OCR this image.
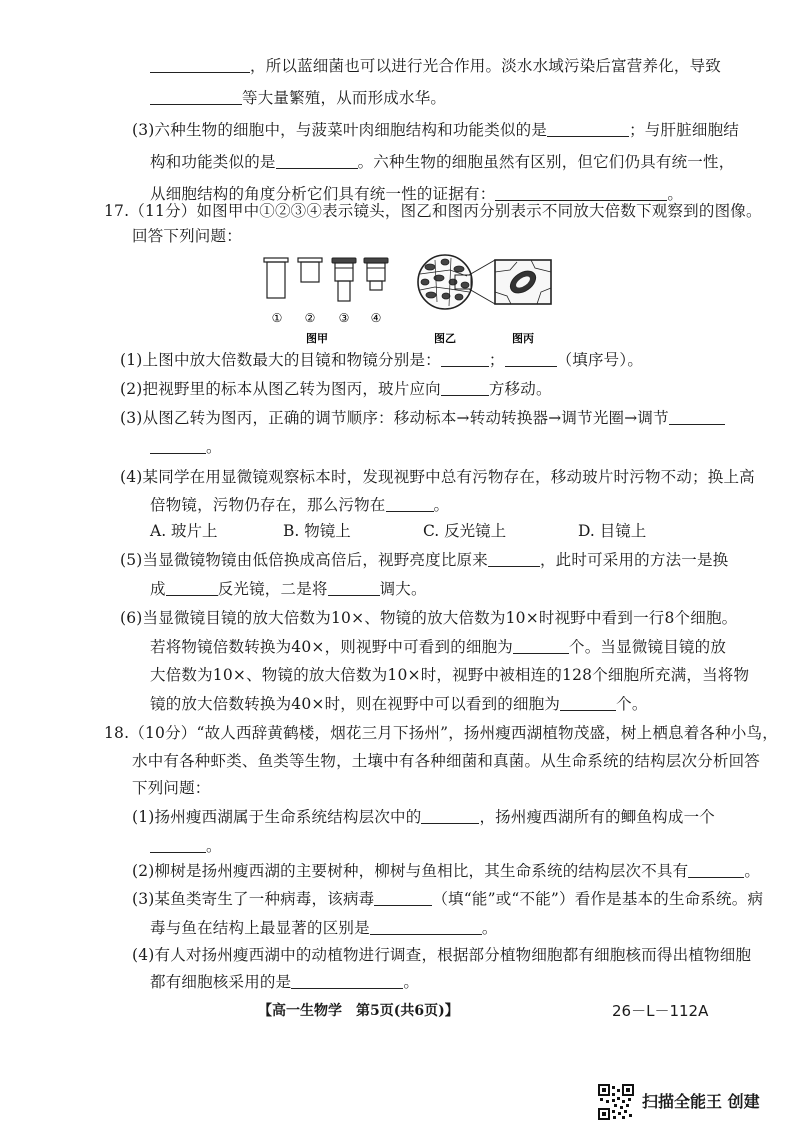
，所以蓝细菌也可以进行光合作用。淡水水域污染后富营养化，导致
等大量繁殖，从而形成水华。
(3)六种生物的细胞中，与菠菜叶肉细胞结构和功能类似的是	；与肝脏细胞结
构和功能类似的是	。六种生物的细胞虽然有区别，但它们仍具有统一性，
从细胞结构的角度分析它们具有统一性的证据有：	。
17.（11分）如图甲中①②③④表示镜头，图乙和图丙分别表示不同放大倍数下观察到的图像。
回答下列问题：
① ② ③ ④
图甲	图乙	图丙
(1)上图中放大倍数最大的目镜和物镜分别是：	；	（填序号）。
(2)把视野里的标本从图乙转为图丙，玻片应向	方移动。
(3)从图乙转为图丙，正确的调节顺序：移动标本→转动转换器→调节光圈→调节
。
(4)某同学在用显微镜观察标本时，发现视野中总有污物存在，移动玻片时污物不动；换上高
倍物镜，污物仍存在，那么污物在	。
A. 玻片上	B. 物镜上	C. 反光镜上	D. 目镜上
(5)当显微镜物镜由低倍换成高倍后，视野亮度比原来	，此时可采用的方法一是换
成	反光镜，二是将	调大。
(6)当显微镜目镜的放大倍数为10×、物镜的放大倍数为10×时视野中看到一行8个细胞。
若将物镜倍数转换为40×，则视野中可看到的细胞为	个。当显微镜目镜的放
大倍数为10×、物镜的放大倍数为10×时，视野中被相连的128个细胞所充满，当将物
镜的放大倍数转换为40×时，则在视野中可以看到的细胞为	个。
18.（10分）“故人西辞黄鹤楼，烟花三月下扬州”，扬州瘦西湖植物茂盛，树上栖息着各种小鸟，
水中有各种虾类、鱼类等生物，土壤中有各种细菌和真菌。从生命系统的结构层次分析回答
下列问题：
(1)扬州瘦西湖属于生命系统结构层次中的	，扬州瘦西湖所有的鲫鱼构成一个
。
(2)柳树是扬州瘦西湖的主要树种，柳树与鱼相比，其生命系统的结构层次不具有	。
(3)某鱼类寄生了一种病毒，该病毒	（填“能”或“不能”）看作是基本的生命系统。病
毒与鱼在结构上最显著的区别是	。
(4)有人对扬州瘦西湖中的动植物进行调查，根据部分植物细胞都有细胞核而得出植物细胞
都有细胞核采用的是	。
【高一生物学　第5页(共6页)】	26－L－112A
扫描全能王 创建
